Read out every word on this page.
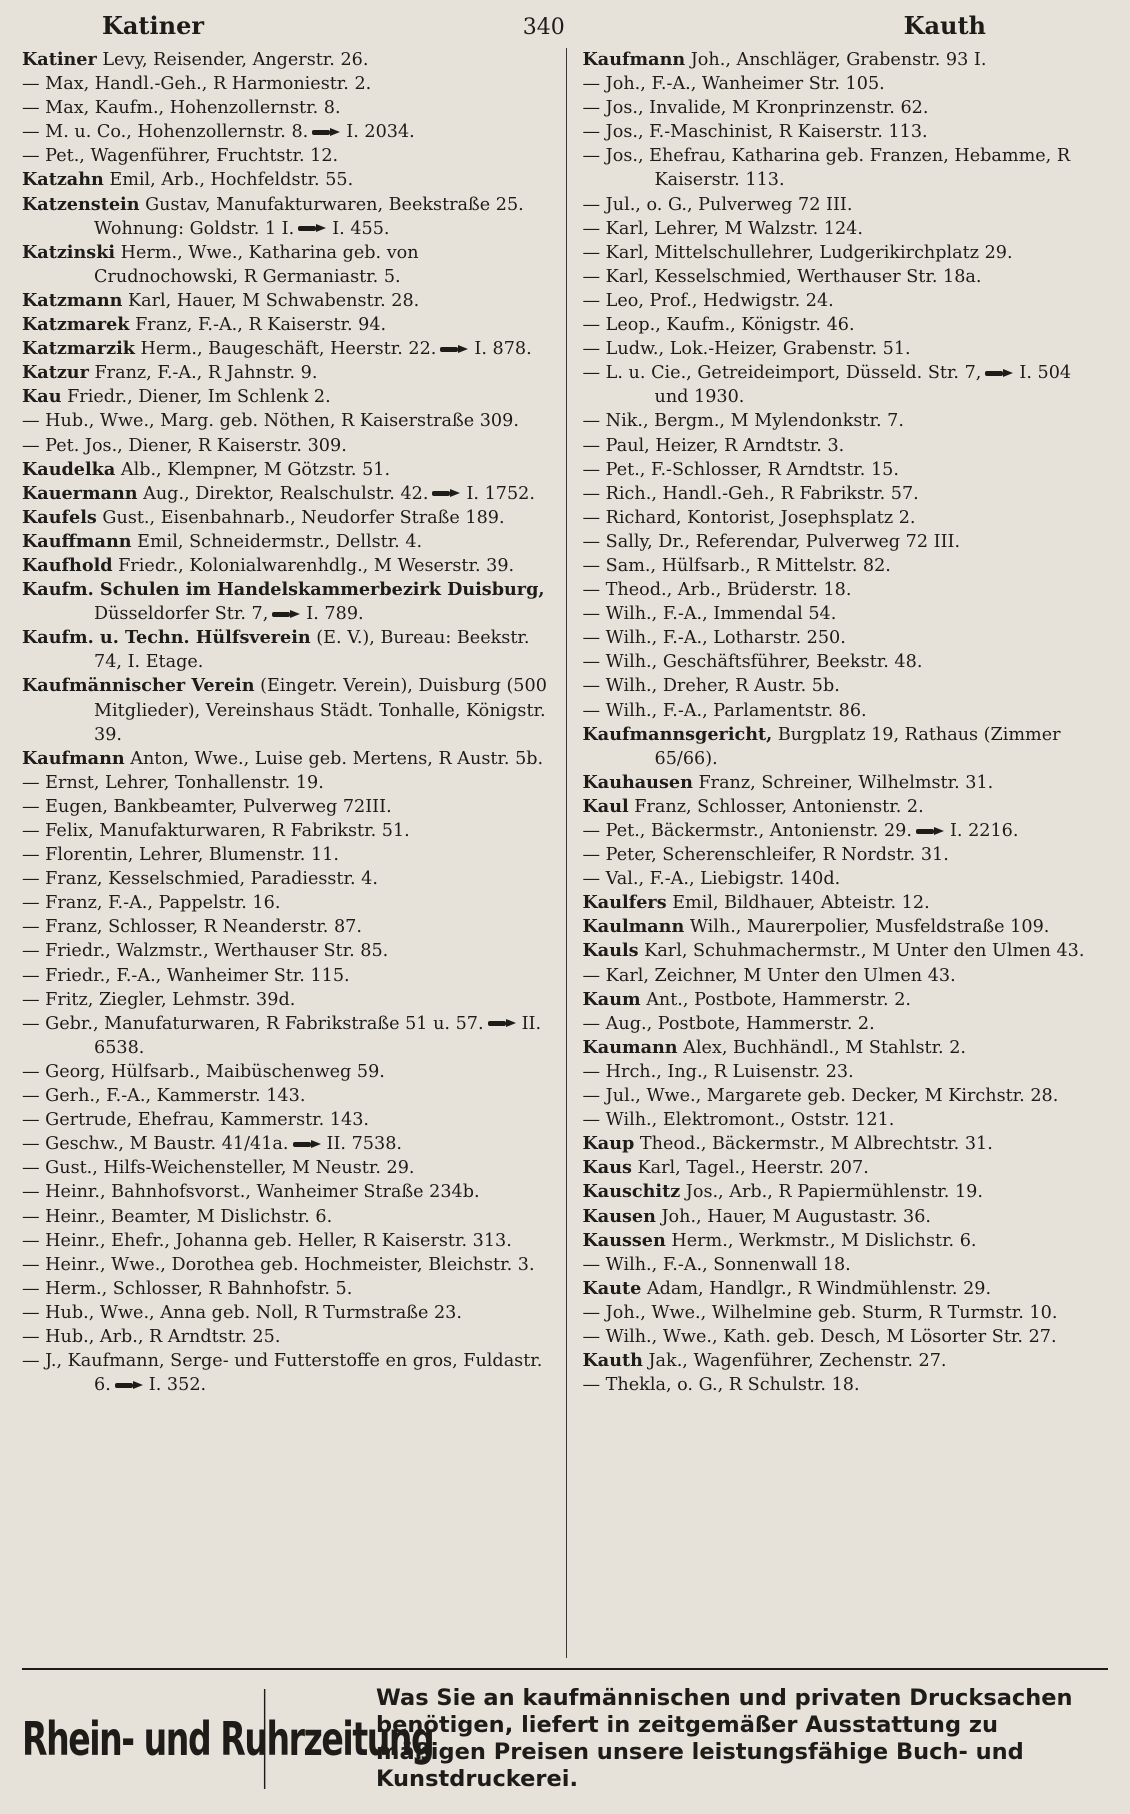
Katiner	340	Kauth

Katiner Levy, Reisender, Angerstr. 26.

— Max, Handl.-Geh., R Harmoniestr. 2.

— Max, Kaufm., Hohenzollernstr. 8.

— M. u. Co., Hohenzollernstr. 8. I. 2034.

— Pet., Wagenführer, Fruchtstr. 12.

Katzahn Emil, Arb., Hochfeldstr. 55.

Katzenstein Gustav, Manufakturwaren, Beekstraße 25. Wohnung: Goldstr. 1 I. I. 455.

Katzinski Herm., Wwe., Katharina geb. von Crudnochowski, R Germaniastr. 5.

Katzmann Karl, Hauer, M Schwabenstr. 28.

Katzmarek Franz, F.-A., R Kaiserstr. 94.

Katzmarzik Herm., Baugeschäft, Heerstr. 22. I. 878.

Katzur Franz, F.-A., R Jahnstr. 9.

Kau Friedr., Diener, Im Schlenk 2.

— Hub., Wwe., Marg. geb. Nöthen, R Kaiserstraße 309.

— Pet. Jos., Diener, R Kaiserstr. 309.

Kaudelka Alb., Klempner, M Götzstr. 51.

Kauermann Aug., Direktor, Realschulstr. 42. I. 1752.

Kaufels Gust., Eisenbahnarb., Neudorfer Straße 189.

Kauffmann Emil, Schneidermstr., Dellstr. 4.

Kaufhold Friedr., Kolonialwarenhdlg., M Weserstr. 39.

Kaufm. Schulen im Handelskammerbezirk Duisburg, Düsseldorfer Str. 7, I. 789.

Kaufm. u. Techn. Hülfsverein (E. V.), Bureau: Beekstr. 74, I. Etage.

Kaufmännischer Verein (Eingetr. Verein), Duisburg (500 Mitglieder), Vereinshaus Städt. Tonhalle, Königstr. 39.

Kaufmann Anton, Wwe., Luise geb. Mertens, R Austr. 5b.

— Ernst, Lehrer, Tonhallenstr. 19.

— Eugen, Bankbeamter, Pulverweg 72III.

— Felix, Manufakturwaren, R Fabrikstr. 51.

— Florentin, Lehrer, Blumenstr. 11.

— Franz, Kesselschmied, Paradiesstr. 4.

— Franz, F.-A., Pappelstr. 16.

— Franz, Schlosser, R Neanderstr. 87.

— Friedr., Walzmstr., Werthauser Str. 85.

— Friedr., F.-A., Wanheimer Str. 115.

— Fritz, Ziegler, Lehmstr. 39d.

— Gebr., Manufaturwaren, R Fabrikstraße 51 u. 57. II. 6538.

— Georg, Hülfsarb., Maibüschenweg 59.

— Gerh., F.-A., Kammerstr. 143.

— Gertrude, Ehefrau, Kammerstr. 143.

— Geschw., M Baustr. 41/41a. II. 7538.

— Gust., Hilfs-Weichensteller, M Neustr. 29.

— Heinr., Bahnhofsvorst., Wanheimer Straße 234b.

— Heinr., Beamter, M Dislichstr. 6.

— Heinr., Ehefr., Johanna geb. Heller, R Kaiserstr. 313.

— Heinr., Wwe., Dorothea geb. Hochmeister, Bleichstr. 3.

— Herm., Schlosser, R Bahnhofstr. 5.

— Hub., Wwe., Anna geb. Noll, R Turmstraße 23.

— Hub., Arb., R Arndtstr. 25.

— J., Kaufmann, Serge- und Futterstoffe en gros, Fuldastr. 6. I. 352.

Kaufmann Joh., Anschläger, Grabenstr. 93 I.

— Joh., F.-A., Wanheimer Str. 105.

— Jos., Invalide, M Kronprinzenstr. 62.

— Jos., F.-Maschinist, R Kaiserstr. 113.

— Jos., Ehefrau, Katharina geb. Franzen, Hebamme, R Kaiserstr. 113.

— Jul., o. G., Pulverweg 72 III.

— Karl, Lehrer, M Walzstr. 124.

— Karl, Mittelschullehrer, Ludgerikirchplatz 29.

— Karl, Kesselschmied, Werthauser Str. 18a.

— Leo, Prof., Hedwigstr. 24.

— Leop., Kaufm., Königstr. 46.

— Ludw., Lok.-Heizer, Grabenstr. 51.

— L. u. Cie., Getreideimport, Düsseld. Str. 7, I. 504 und 1930.

— Nik., Bergm., M Mylendonkstr. 7.

— Paul, Heizer, R Arndtstr. 3.

— Pet., F.-Schlosser, R Arndtstr. 15.

— Rich., Handl.-Geh., R Fabrikstr. 57.

— Richard, Kontorist, Josephsplatz 2.

— Sally, Dr., Referendar, Pulverweg 72 III.

— Sam., Hülfsarb., R Mittelstr. 82.

— Theod., Arb., Brüderstr. 18.

— Wilh., F.-A., Immendal 54.

— Wilh., F.-A., Lotharstr. 250.

— Wilh., Geschäftsführer, Beekstr. 48.

— Wilh., Dreher, R Austr. 5b.

— Wilh., F.-A., Parlamentstr. 86.

Kaufmannsgericht, Burgplatz 19, Rathaus (Zimmer 65/66).

Kauhausen Franz, Schreiner, Wilhelmstr. 31.

Kaul Franz, Schlosser, Antonienstr. 2.

— Pet., Bäckermstr., Antonienstr. 29. I. 2216.

— Peter, Scherenschleifer, R Nordstr. 31.

— Val., F.-A., Liebigstr. 140d.

Kaulfers Emil, Bildhauer, Abteistr. 12.

Kaulmann Wilh., Maurerpolier, Musfeldstraße 109.

Kauls Karl, Schuhmachermstr., M Unter den Ulmen 43.

— Karl, Zeichner, M Unter den Ulmen 43.

Kaum Ant., Postbote, Hammerstr. 2.

— Aug., Postbote, Hammerstr. 2.

Kaumann Alex, Buchhändl., M Stahlstr. 2.

— Hrch., Ing., R Luisenstr. 23.

— Jul., Wwe., Margarete geb. Decker, M Kirchstr. 28.

— Wilh., Elektromont., Oststr. 121.

Kaup Theod., Bäckermstr., M Albrechtstr. 31.

Kaus Karl, Tagel., Heerstr. 207.

Kauschitz Jos., Arb., R Papiermühlenstr. 19.

Kausen Joh., Hauer, M Augustastr. 36.

Kaussen Herm., Werkmstr., M Dislichstr. 6.

— Wilh., F.-A., Sonnenwall 18.

Kaute Adam, Handlgr., R Windmühlenstr. 29.

— Joh., Wwe., Wilhelmine geb. Sturm, R Turmstr. 10.

— Wilh., Wwe., Kath. geb. Desch, M Lösorter Str. 27.

Kauth Jak., Wagenführer, Zechenstr. 27.

— Thekla, o. G., R Schulstr. 18.

Rhein- und Ruhrzeitung
Was Sie an kaufmännischen und privaten Drucksachen benötigen, liefert in zeitgemäßer Ausstattung zu mäßigen Preisen unsere leistungsfähige Buch- und Kunstdruckerei.
